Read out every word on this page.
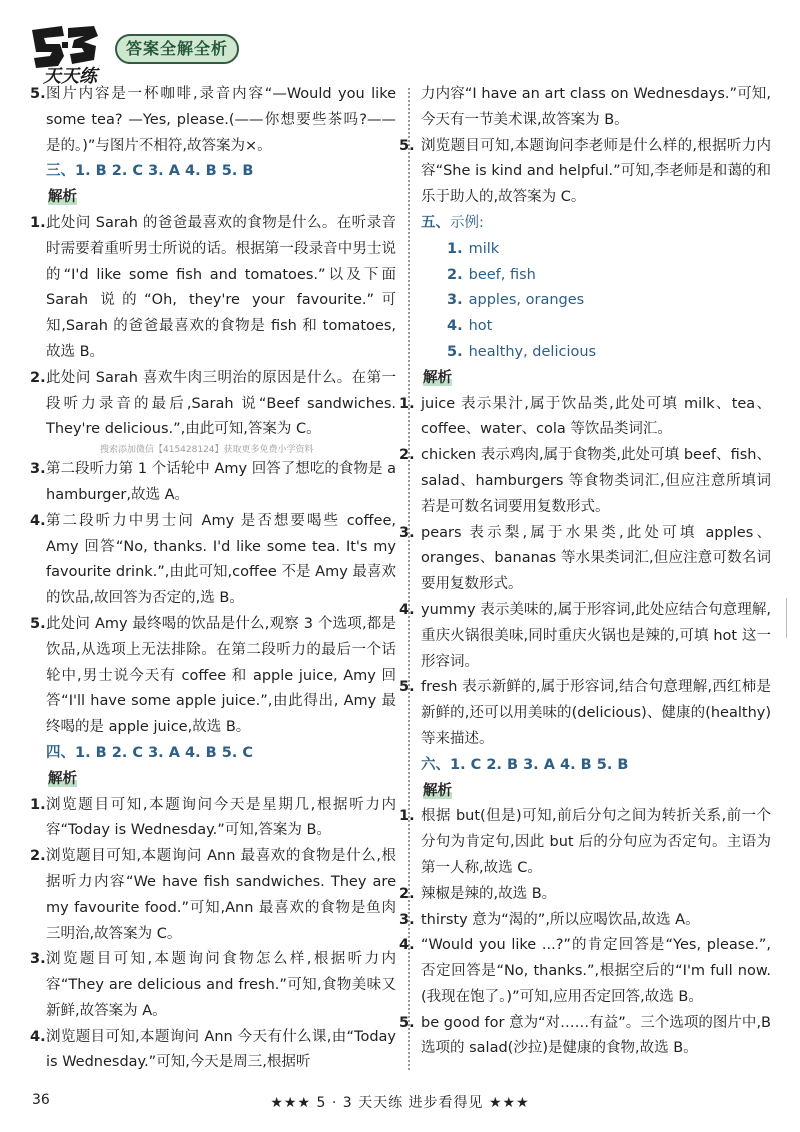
天天练
答案全解全析
5. 图片内容是一杯咖啡,录音内容“—Would you like some tea? —Yes, please.(——你想要些茶吗?——是的。)”与图片不相符,故答案为×。
三、1. B 2. C 3. A 4. B 5. B
解析
1. 此处问 Sarah 的爸爸最喜欢的食物是什么。在听录音时需要着重听男士所说的话。根据第一段录音中男士说的“I'd like some fish and tomatoes.”以及下面 Sarah 说的“Oh, they're your favourite.”可知,Sarah 的爸爸最喜欢的食物是 fish 和 tomatoes,故选 B。
2. 此处问 Sarah 喜欢牛肉三明治的原因是什么。在第一段听力录音的最后,Sarah 说“Beef sandwiches. They're delicious.”,由此可知,答案为 C。
搜索添加微信【415428124】获取更多免费小学资料
3. 第二段听力第 1 个话轮中 Amy 回答了想吃的食物是 a hamburger,故选 A。
4. 第二段听力中男士问 Amy 是否想要喝些 coffee, Amy 回答“No, thanks. I'd like some tea. It's my favourite drink.”,由此可知,coffee 不是 Amy 最喜欢的饮品,故回答为否定的,选 B。
5. 此处问 Amy 最终喝的饮品是什么,观察 3 个选项,都是饮品,从选项上无法排除。在第二段听力的最后一个话轮中,男士说今天有 coffee 和 apple juice, Amy 回答“I'll have some apple juice.”,由此得出, Amy 最终喝的是 apple juice,故选 B。
四、1. B 2. C 3. A 4. B 5. C
解析
1. 浏览题目可知,本题询问今天是星期几,根据听力内容“Today is Wednesday.”可知,答案为 B。
2. 浏览题目可知,本题询问 Ann 最喜欢的食物是什么,根据听力内容“We have fish sandwiches. They are my favourite food.”可知,Ann 最喜欢的食物是鱼肉三明治,故答案为 C。
3. 浏览题目可知,本题询问食物怎么样,根据听力内容“They are delicious and fresh.”可知,食物美味又新鲜,故答案为 A。
4. 浏览题目可知,本题询问 Ann 今天有什么课,由“Today is Wednesday.”可知,今天是周三,根据听
力内容“I have an art class on Wednesdays.”可知,今天有一节美术课,故答案为 B。
5. 浏览题目可知,本题询问李老师是什么样的,根据听力内容“She is kind and helpful.”可知,李老师是和蔼的和乐于助人的,故答案为 C。
五、示例:
1. milk
2. beef, fish
3. apples, oranges
4. hot
5. healthy, delicious
解析
1. juice 表示果汁,属于饮品类,此处可填 milk、tea、coffee、water、cola 等饮品类词汇。
2. chicken 表示鸡肉,属于食物类,此处可填 beef、fish、salad、hamburgers 等食物类词汇,但应注意所填词若是可数名词要用复数形式。
3. pears 表示梨,属于水果类,此处可填 apples、oranges、bananas 等水果类词汇,但应注意可数名词要用复数形式。
4. yummy 表示美味的,属于形容词,此处应结合句意理解,重庆火锅很美味,同时重庆火锅也是辣的,可填 hot 这一形容词。
5. fresh 表示新鲜的,属于形容词,结合句意理解,西红柿是新鲜的,还可以用美味的(delicious)、健康的(healthy)等来描述。
六、1. C 2. B 3. A 4. B 5. B
解析
1. 根据 but(但是)可知,前后分句之间为转折关系,前一个分句为肯定句,因此 but 后的分句应为否定句。主语为第一人称,故选 C。
2. 辣椒是辣的,故选 B。
3. thirsty 意为“渴的”,所以应喝饮品,故选 A。
4. “Would you like ...?”的肯定回答是“Yes, please.”,否定回答是“No, thanks.”,根据空后的“I'm full now.(我现在饱了。)”可知,应用否定回答,故选 B。
5. be good for 意为“对……有益”。三个选项的图片中,B 选项的 salad(沙拉)是健康的食物,故选 B。
36	★★★ 5 · 3 天天练 进步看得见 ★★★
